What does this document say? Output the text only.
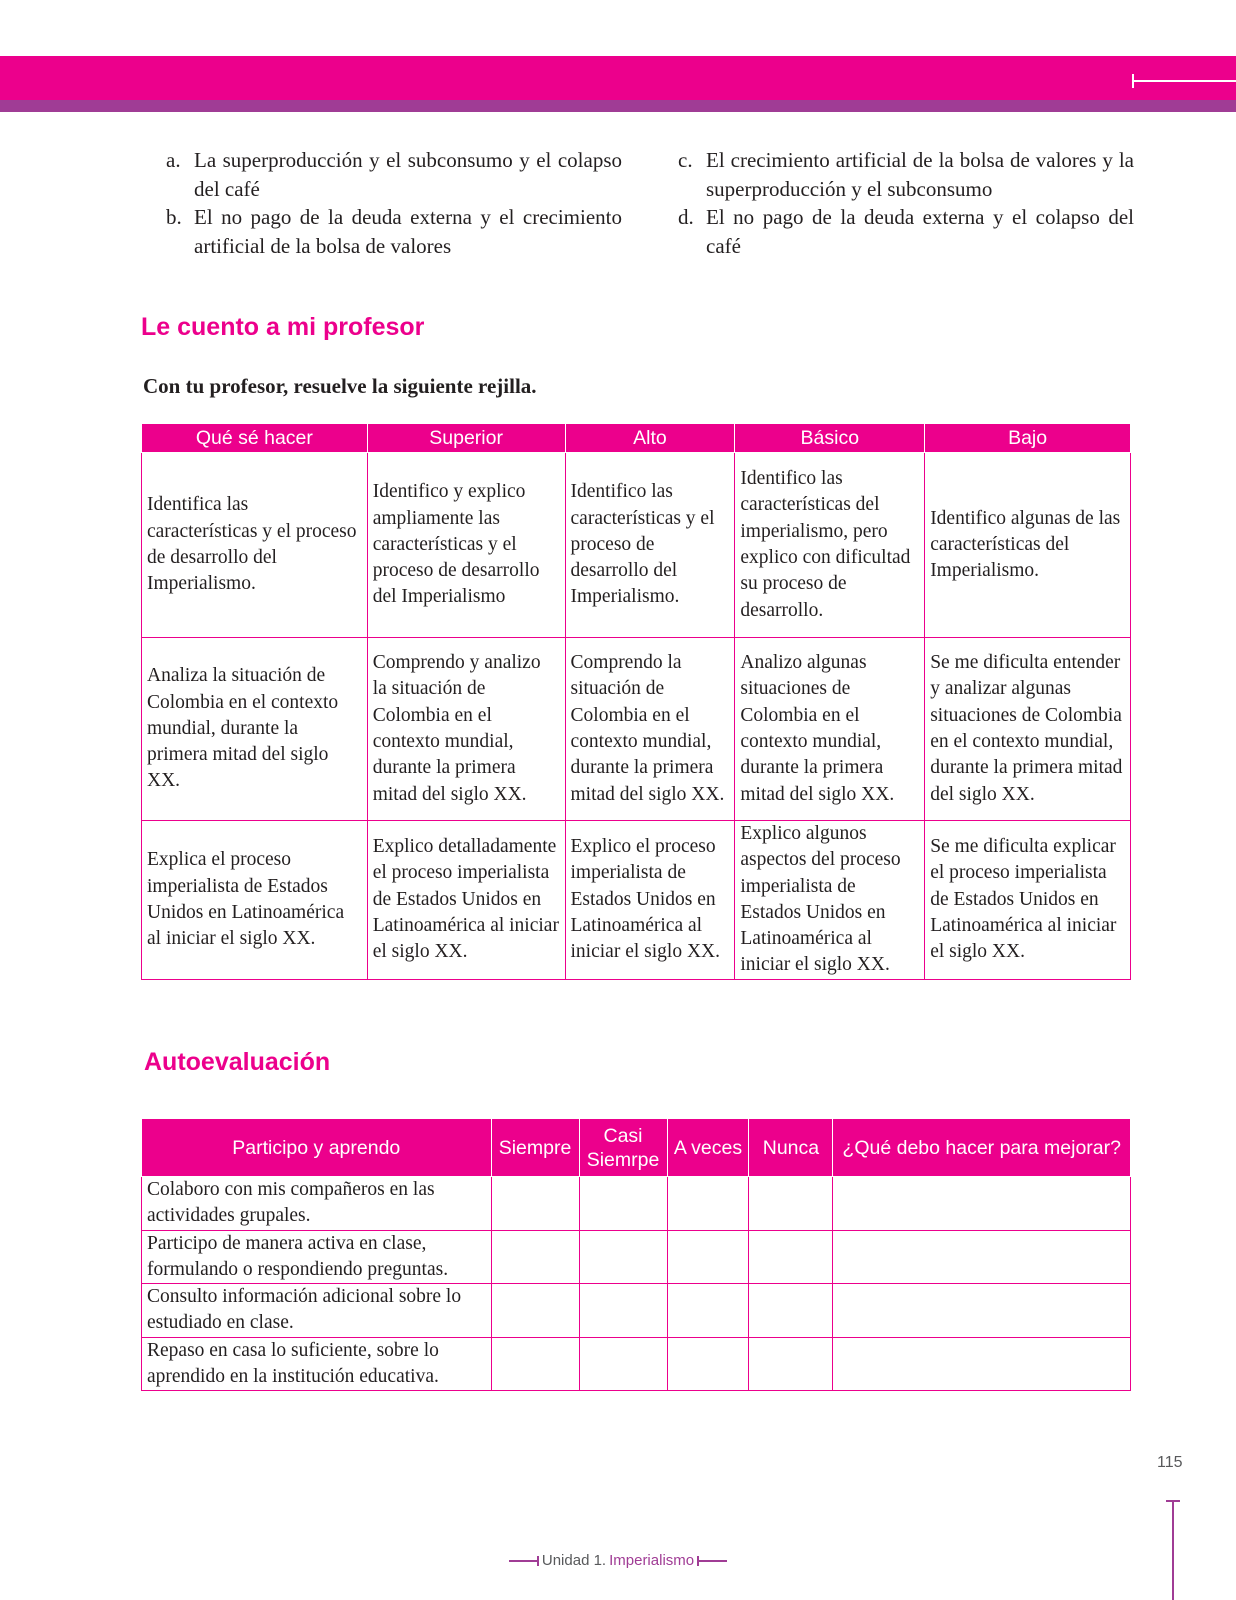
a. La superproducción y el subconsumo y el colapso del café
b. El no pago de la deuda externa y el crecimiento artificial de la bolsa de valores
c. El crecimiento artificial de la bolsa de valores y la superproducción y el subconsumo
d. El no pago de la deuda externa y el colapso del café
Le cuento a mi profesor
Con tu profesor, resuelve la siguiente rejilla.
Qué sé hacer	Superior	Alto	Básico	Bajo
Identifica las características y el proceso de desarrollo del Imperialismo.	Identifico y explico ampliamente las características y el proceso de desarrollo del Imperialismo	Identifico las características y el proceso de desarrollo del Imperialismo.	Identifico las características del imperialismo, pero explico con dificultad su proceso de desarrollo.	Identifico algunas de las características del Imperialismo.
Analiza la situación de Colombia en el contexto mundial, durante la primera mitad del siglo XX.	Comprendo y analizo la situación de Colombia en el contexto mundial, durante la primera mitad del siglo XX.	Comprendo la situación de Colombia en el contexto mundial, durante la primera mitad del siglo XX.	Analizo algunas situaciones de Colombia en el contexto mundial, durante la primera mitad del siglo XX.	Se me dificulta entender y analizar algunas situaciones de Colombia en el contexto mundial, durante la primera mitad del siglo XX.
Explica el proceso imperialista de Estados Unidos en Latinoamérica al iniciar el siglo XX.	Explico detalladamente el proceso imperialista de Estados Unidos en Latinoamérica al iniciar el siglo XX.	Explico el proceso imperialista de Estados Unidos en Latinoamérica al iniciar el siglo XX.	Explico algunos aspectos del proceso imperialista de Estados Unidos en Latinoamérica al iniciar el siglo XX.	Se me dificulta explicar el proceso imperialista de Estados Unidos en Latinoamérica al iniciar el siglo XX.
Autoevaluación
Participo y aprendo	Siempre	Casi Siemrpe	A veces	Nunca	¿Qué debo hacer para mejorar?
Colaboro con mis compañeros en las actividades grupales.					
Participo de manera activa en clase, formulando o respondiendo preguntas.					
Consulto información adicional sobre lo estudiado en clase.					
Repaso en casa lo suficiente, sobre lo aprendido en la institución educativa.					
115
Unidad 1. Imperialismo
